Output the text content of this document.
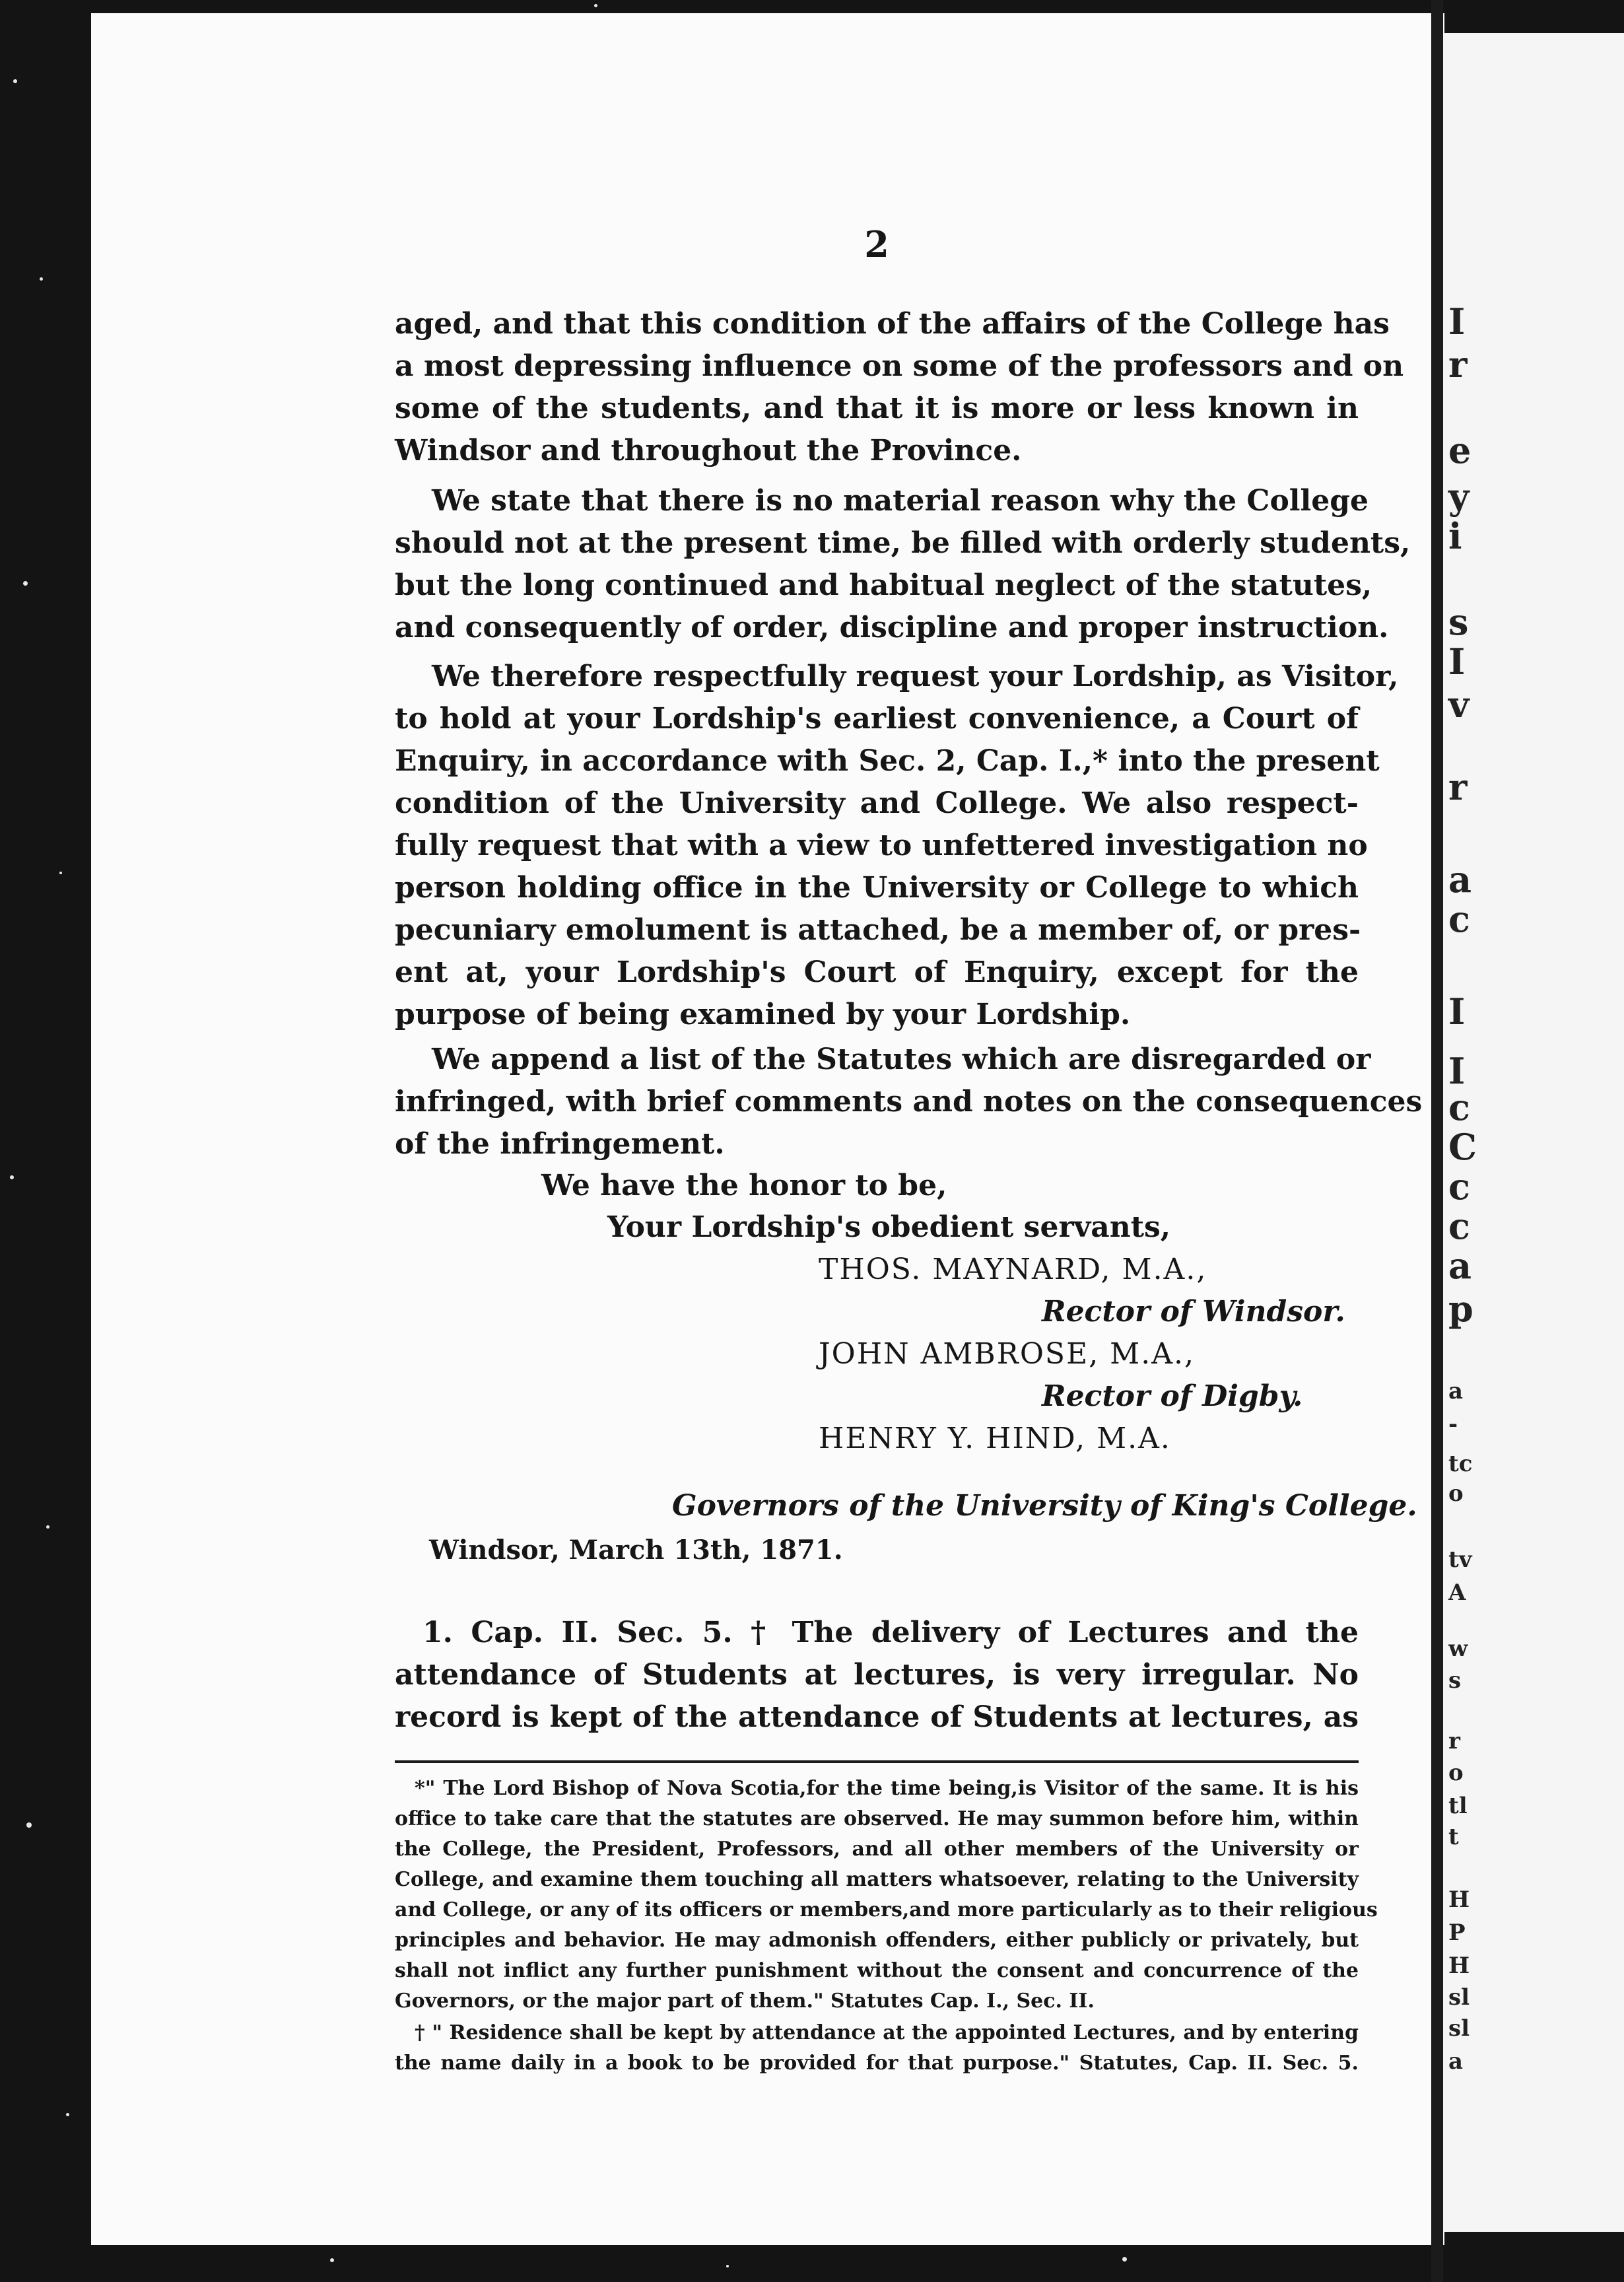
2
aged, and that this condition of the affairs of the College has
a most depressing influence on some of the professors and on
some of the students, and that it is more or less known in
Windsor and throughout the Province.
We state that there is no material reason why the College
should not at the present time, be filled with orderly students,
but the long continued and habitual neglect of the statutes,
and consequently of order, discipline and proper instruction.
We therefore respectfully request your Lordship, as Visitor,
to hold at your Lordship's earliest convenience, a Court of
Enquiry, in accordance with Sec. 2, Cap. I.,* into the present
condition of the University and College. We also respect-
fully request that with a view to unfettered investigation no
person holding office in the University or College to which
pecuniary emolument is attached, be a member of, or pres-
ent at, your Lordship's Court of Enquiry, except for the
purpose of being examined by your Lordship.
We append a list of the Statutes which are disregarded or
infringed, with brief comments and notes on the consequences
of the infringement.
We have the honor to be,
Your Lordship's obedient servants,
THOS. MAYNARD, M.A.,
Rector of Windsor.
JOHN AMBROSE, M.A.,
Rector of Digby.
HENRY Y. HIND, M.A.
Governors of the University of King's College.
Windsor, March 13th, 1871.
1. Cap. II. Sec. 5. † The delivery of Lectures and the
attendance of Students at lectures, is very irregular. No
record is kept of the attendance of Students at lectures, as
*" The Lord Bishop of Nova Scotia,for the time being,is Visitor of the same. It is his
office to take care that the statutes are observed. He may summon before him, within
the College, the President, Professors, and all other members of the University or
College, and examine them touching all matters whatsoever, relating to the University
and College, or any of its officers or members,and more particularly as to their religious
principles and behavior. He may admonish offenders, either publicly or privately, but
shall not inflict any further punishment without the consent and concurrence of the
Governors, or the major part of them." Statutes Cap. I., Sec. II.
† " Residence shall be kept by attendance at the appointed Lectures, and by entering
the name daily in a book to be provided for that purpose." Statutes, Cap. II. Sec. 5.
I
r
e
y
i
s
I
v
r
a
c
I
I
c
C
c
c
a
p
a
-
tc
o
tv
A
w
s
r
o
tl
t
H
P
H
sl
sl
a
